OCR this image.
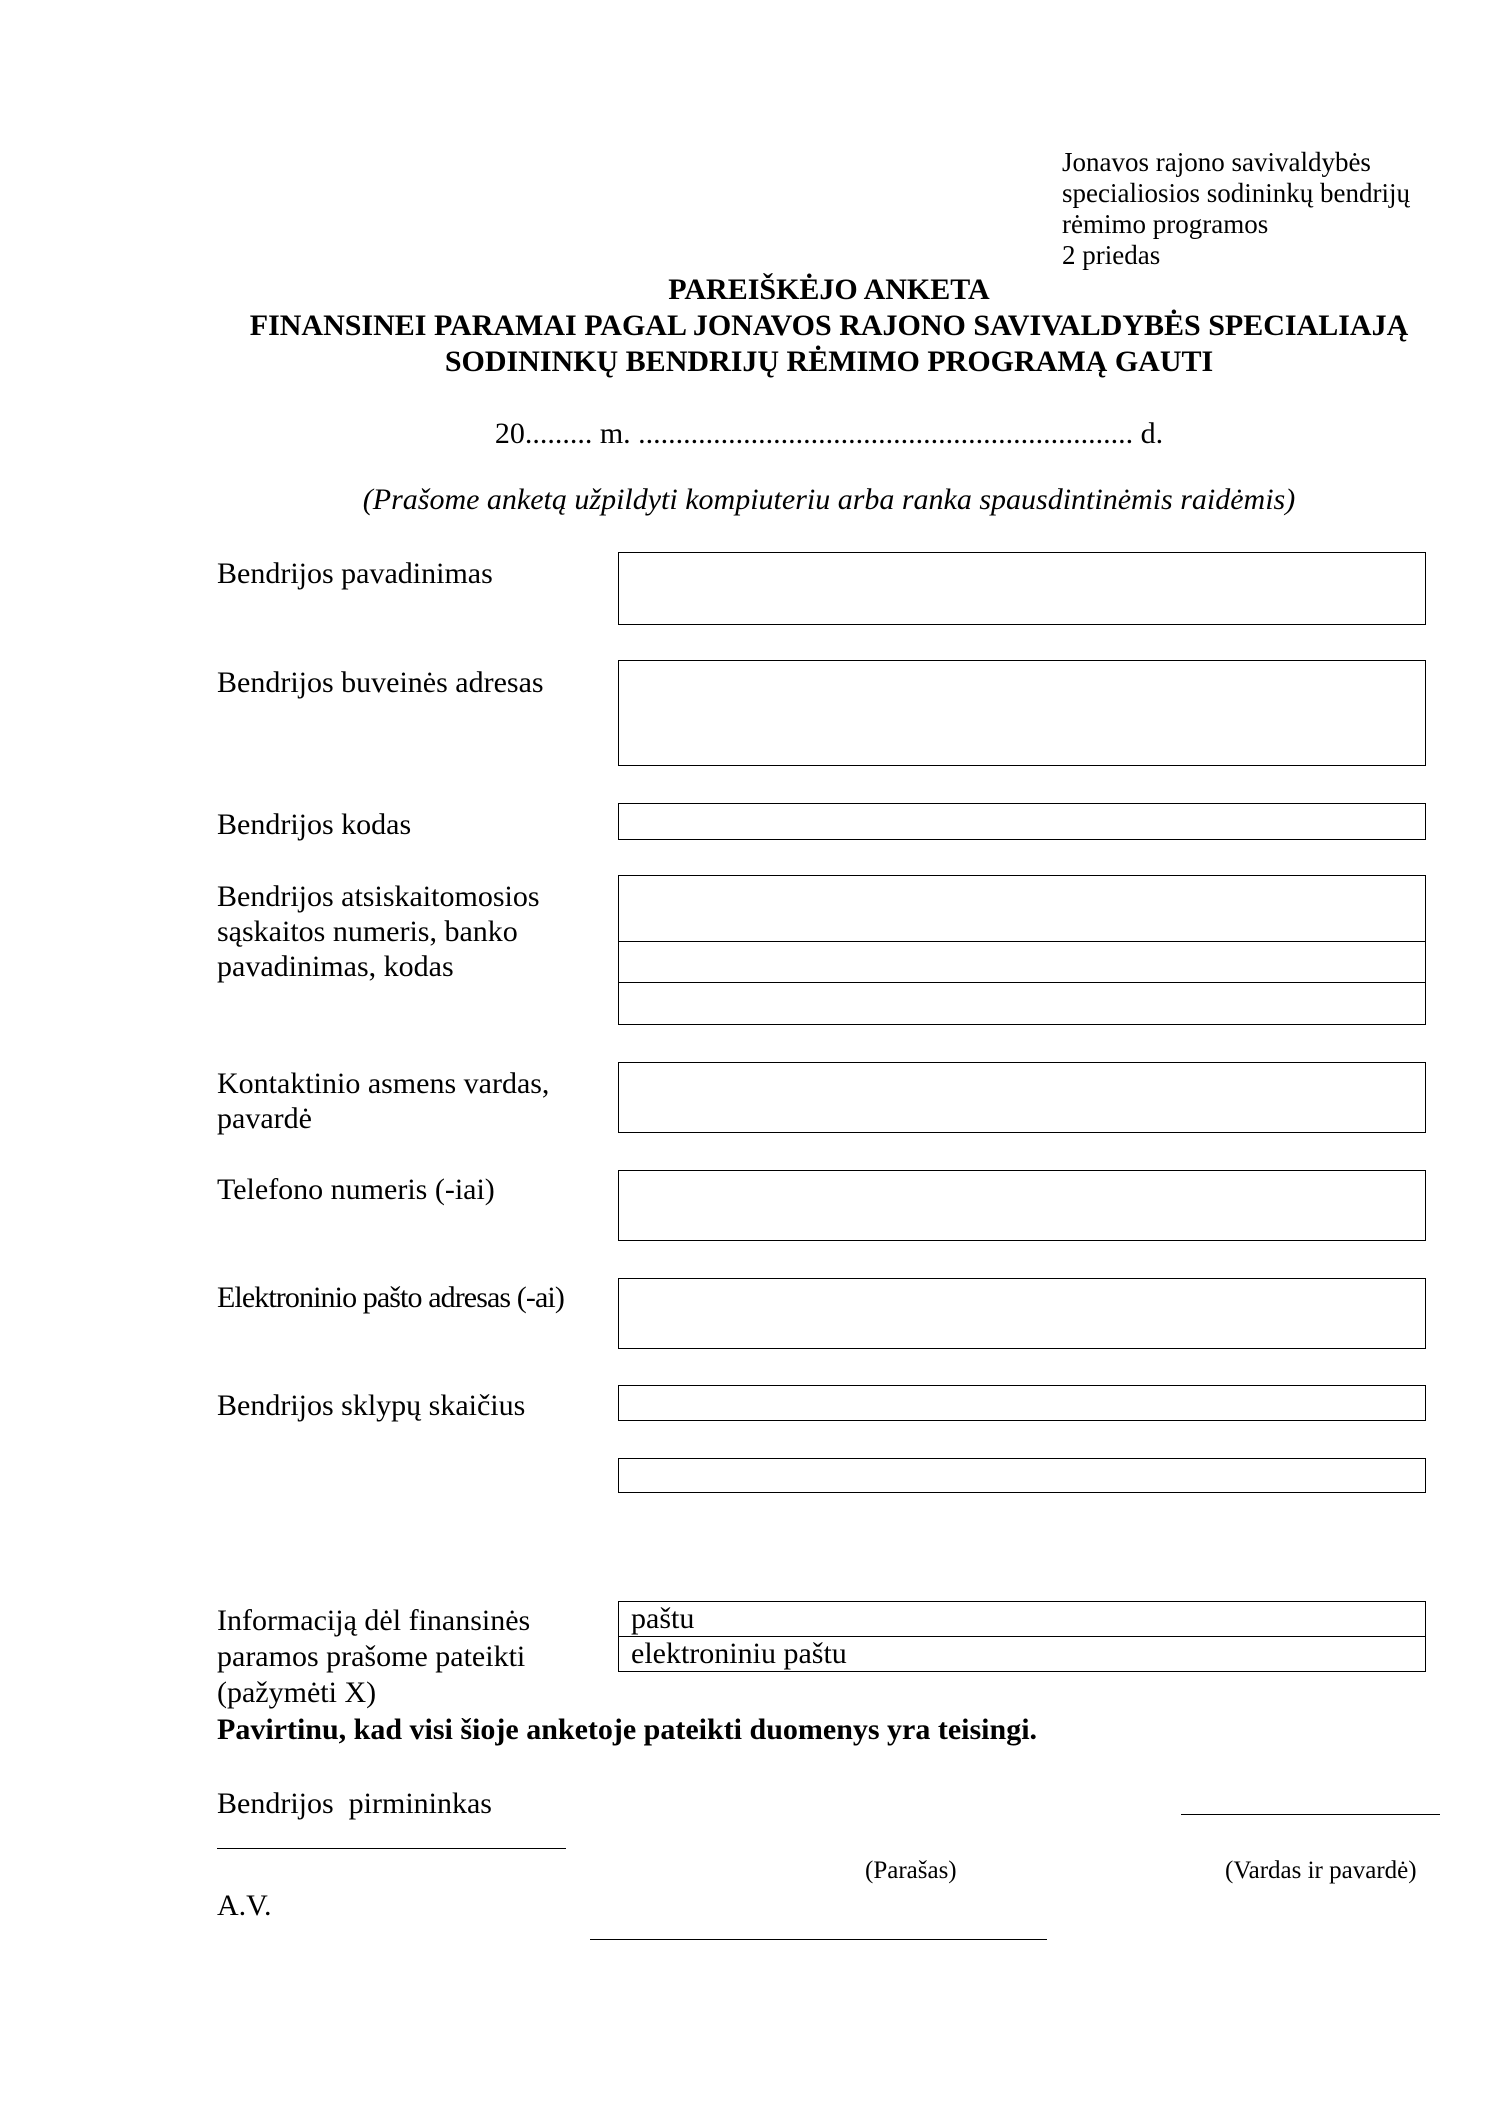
Jonavos rajono savivaldybės
specialiosios sodininkų bendrijų
rėmimo programos
2 priedas
PAREIŠKĖJO ANKETA
FINANSINEI PARAMAI PAGAL JONAVOS RAJONO SAVIVALDYBĖS SPECIALIAJĄ
SODININKŲ BENDRIJŲ RĖMIMO PROGRAMĄ GAUTI
20......... m. .................................................................. d.
(Prašome anketą užpildyti kompiuteriu arba ranka spausdintinėmis raidėmis)
Bendrijos pavadinimas
Bendrijos buveinės adresas
Bendrijos kodas
Bendrijos atsiskaitomosios
sąskaitos numeris, banko
pavadinimas, kodas
Kontaktinio asmens vardas,
pavardė
Telefono numeris (-iai)
Elektroninio pašto adresas (-ai)
Bendrijos sklypų skaičius
Informaciją dėl finansinės
paramos prašome pateikti
(pažymėti X)
paštu
elektroniniu paštu
Pavirtinu, kad visi šioje anketoje pateikti duomenys yra teisingi.
Bendrijos  pirmininkas
(Parašas)	(Vardas ir pavardė)
A.V.
